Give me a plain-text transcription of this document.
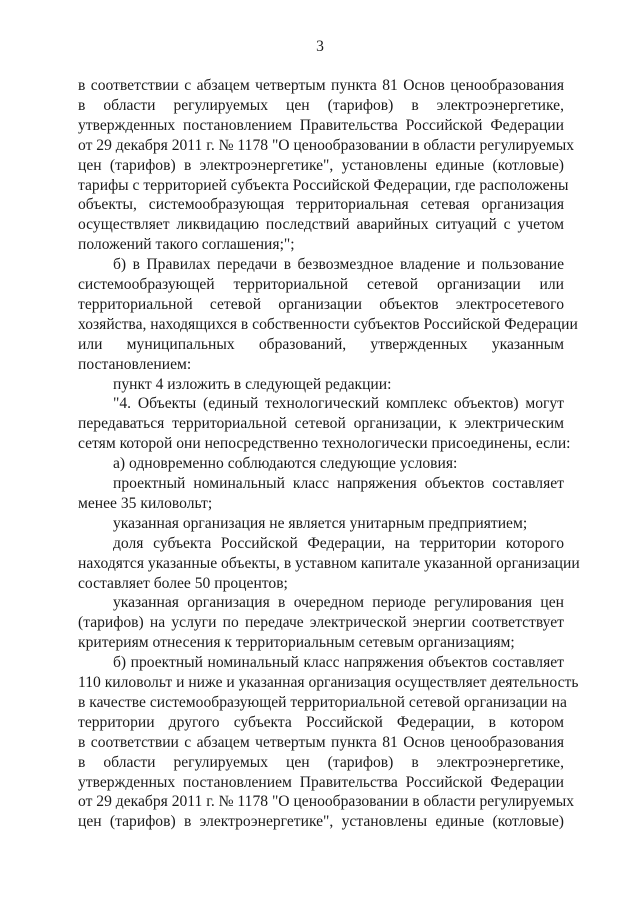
3
в соответствии с абзацем четвертым пункта 81 Основ ценообразования
в области регулируемых цен (тарифов) в электроэнергетике,
утвержденных постановлением Правительства Российской Федерации
от 29 декабря 2011 г. № 1178 "О ценообразовании в области регулируемых
цен (тарифов) в электроэнергетике", установлены единые (котловые)
тарифы с территорией субъекта Российской Федерации, где расположены
объекты, системообразующая территориальная сетевая организация
осуществляет ликвидацию последствий аварийных ситуаций с учетом
положений такого соглашения;";
б) в Правилах передачи в безвозмездное владение и пользование
системообразующей территориальной сетевой организации или
территориальной сетевой организации объектов электросетевого
хозяйства, находящихся в собственности субъектов Российской Федерации
или муниципальных образований, утвержденных указанным
постановлением:
пункт 4 изложить в следующей редакции:
"4. Объекты (единый технологический комплекс объектов) могут
передаваться территориальной сетевой организации, к электрическим
сетям которой они непосредственно технологически присоединены, если:
а) одновременно соблюдаются следующие условия:
проектный номинальный класс напряжения объектов составляет
менее 35 киловольт;
указанная организация не является унитарным предприятием;
доля субъекта Российской Федерации, на территории которого
находятся указанные объекты, в уставном капитале указанной организации
составляет более 50 процентов;
указанная организация в очередном периоде регулирования цен
(тарифов) на услуги по передаче электрической энергии соответствует
критериям отнесения к территориальным сетевым организациям;
б) проектный номинальный класс напряжения объектов составляет
110 киловольт и ниже и указанная организация осуществляет деятельность
в качестве системообразующей территориальной сетевой организации на
территории другого субъекта Российской Федерации, в котором
в соответствии с абзацем четвертым пункта 81 Основ ценообразования
в области регулируемых цен (тарифов) в электроэнергетике,
утвержденных постановлением Правительства Российской Федерации
от 29 декабря 2011 г. № 1178 "О ценообразовании в области регулируемых
цен (тарифов) в электроэнергетике", установлены единые (котловые)
